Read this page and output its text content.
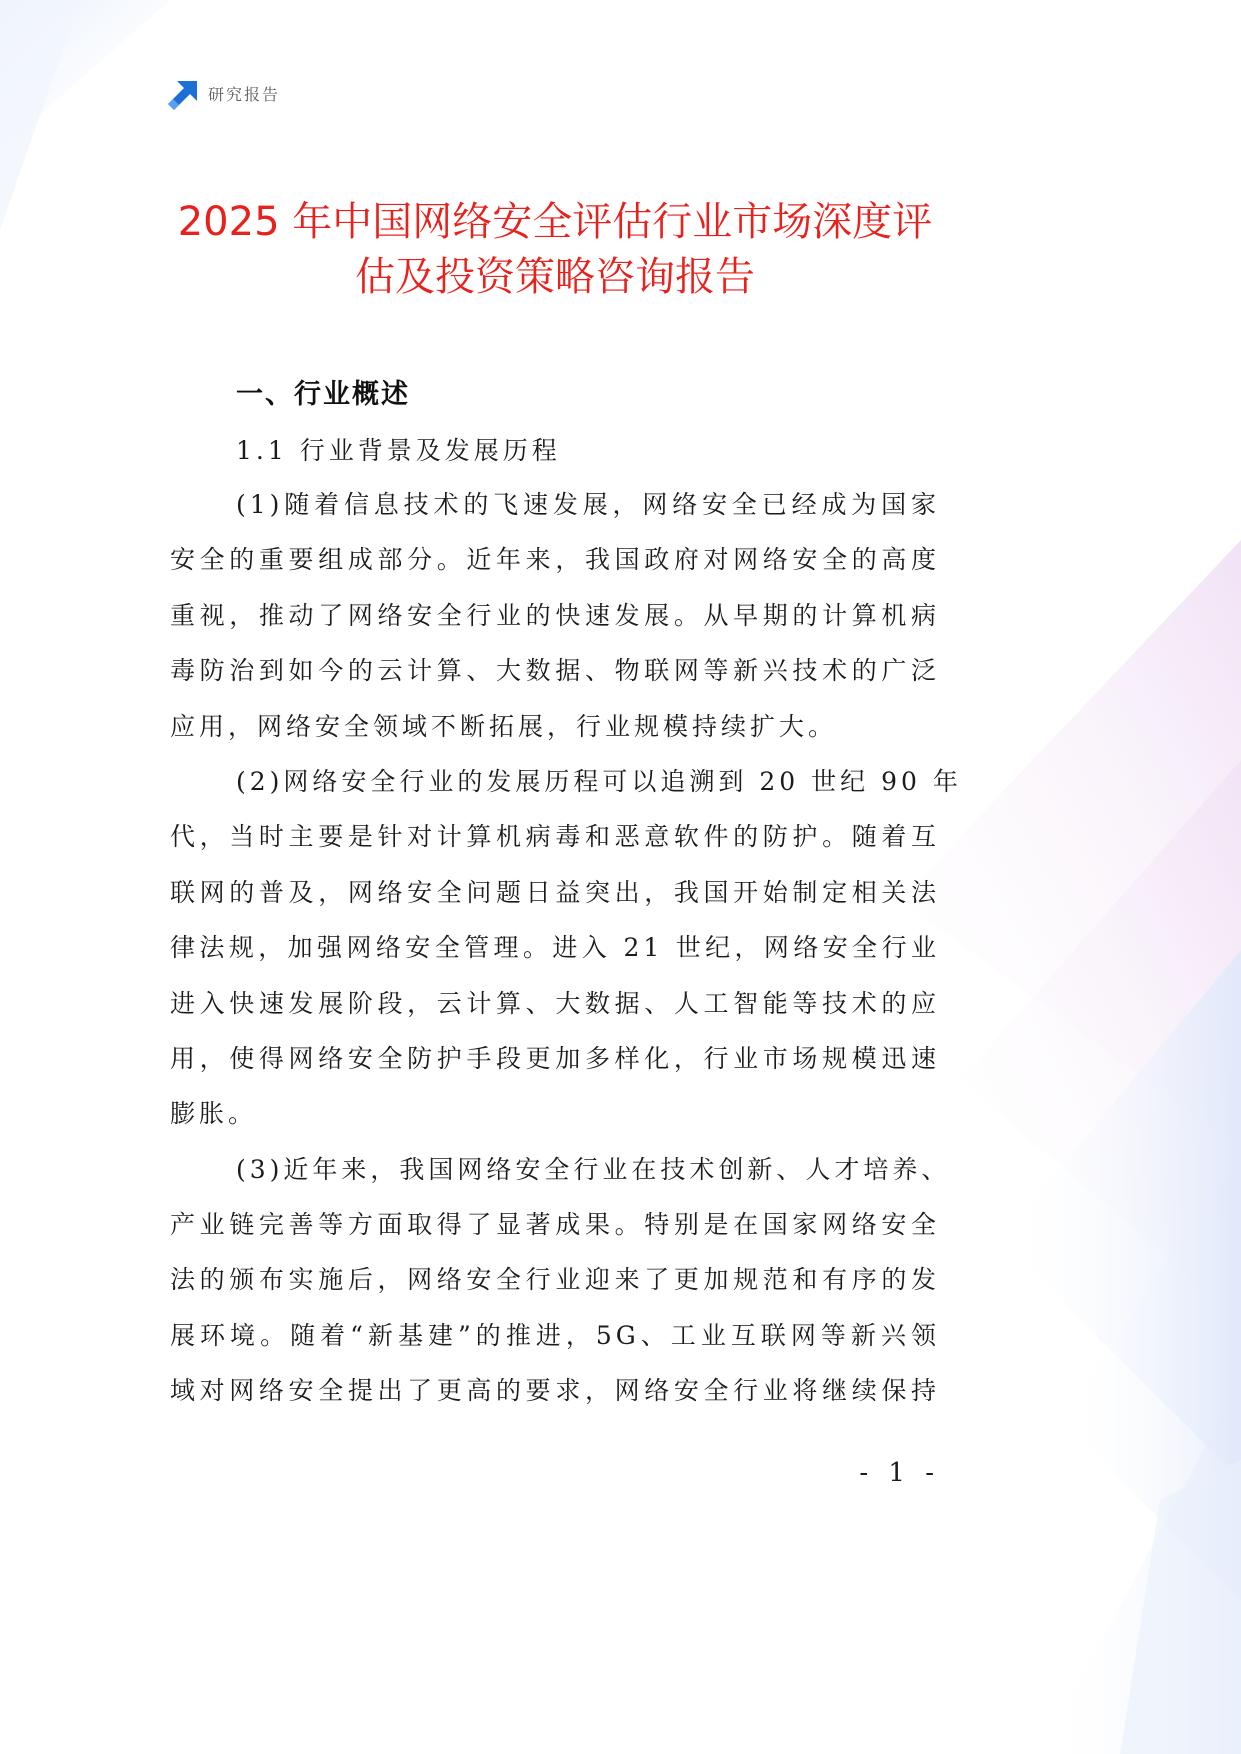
研究报告
2025 年中国网络安全评估行业市场深度评
估及投资策略咨询报告
一、行业概述
1.1 行业背景及发展历程
(1)随着信息技术的飞速发展，网络安全已经成为国家
安全的重要组成部分。近年来，我国政府对网络安全的高度
重视，推动了网络安全行业的快速发展。从早期的计算机病
毒防治到如今的云计算、大数据、物联网等新兴技术的广泛
应用，网络安全领域不断拓展，行业规模持续扩大。
(2)网络安全行业的发展历程可以追溯到 20 世纪 90 年
代，当时主要是针对计算机病毒和恶意软件的防护。随着互
联网的普及，网络安全问题日益突出，我国开始制定相关法
律法规，加强网络安全管理。进入 21 世纪，网络安全行业
进入快速发展阶段，云计算、大数据、人工智能等技术的应
用，使得网络安全防护手段更加多样化，行业市场规模迅速
膨胀。
(3)近年来，我国网络安全行业在技术创新、人才培养、
产业链完善等方面取得了显著成果。特别是在国家网络安全
法的颁布实施后，网络安全行业迎来了更加规范和有序的发
展环境。随着“新基建”的推进，5G、工业互联网等新兴领
域对网络安全提出了更高的要求，网络安全行业将继续保持
- 1 -
